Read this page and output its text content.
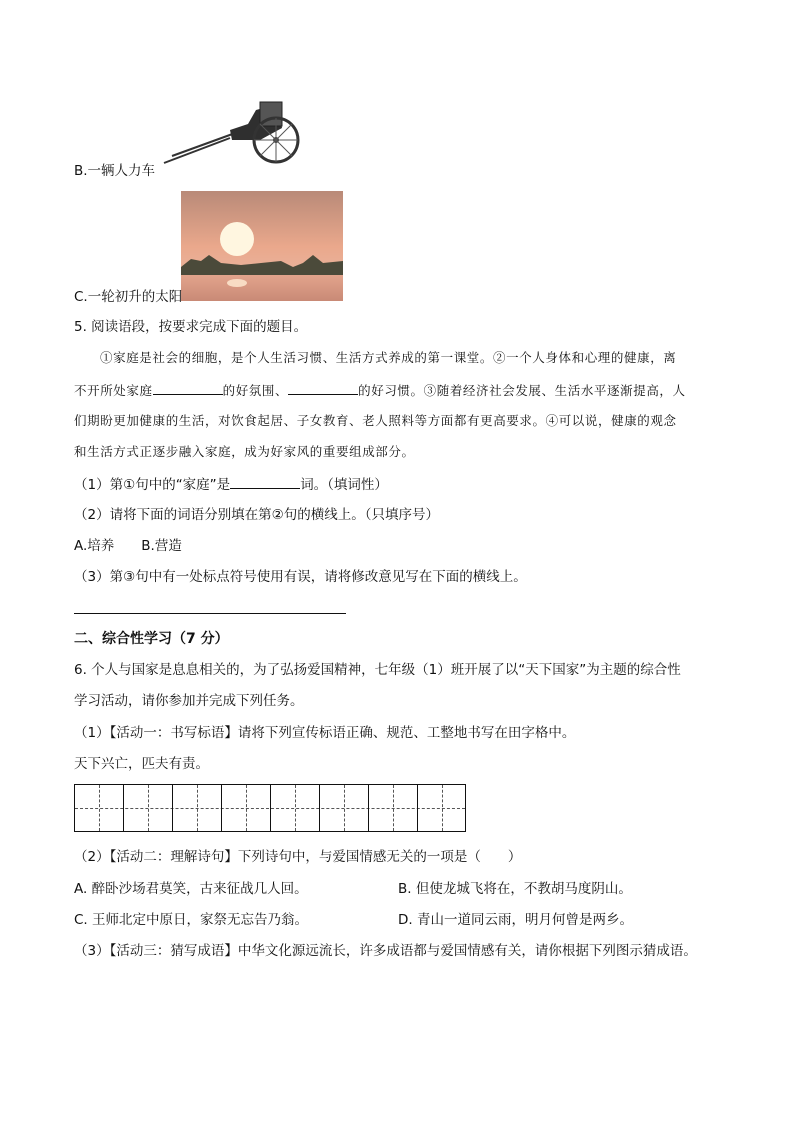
B.一辆人力车
C.一轮初升的太阳
5. 阅读语段，按要求完成下面的题目。
①家庭是社会的细胞，是个人生活习惯、生活方式养成的第一课堂。②一个人身体和心理的健康，离
不开所处家庭	的好氛围、	的好习惯。③随着经济社会发展、生活水平逐渐提高，人
们期盼更加健康的生活，对饮食起居、子女教育、老人照料等方面都有更高要求。④可以说，健康的观念
和生活方式正逐步融入家庭，成为好家风的重要组成部分。
（1）第①句中的“家庭”是	词。（填词性）
（2）请将下面的词语分别填在第②句的横线上。（只填序号）
A.培养　　B.营造
（3）第③句中有一处标点符号使用有误，请将修改意见写在下面的横线上。
二、综合性学习（7 分）
6. 个人与国家是息息相关的，为了弘扬爱国精神，七年级（1）班开展了以“天下国家”为主题的综合性
学习活动，请你参加并完成下列任务。
（1）【活动一：书写标语】请将下列宣传标语正确、规范、工整地书写在田字格中。
天下兴亡，匹夫有责。
（2）【活动二：理解诗句】下列诗句中，与爱国情感无关的一项是（　　）
A. 醉卧沙场君莫笑，古来征战几人回。	B. 但使龙城飞将在，不教胡马度阴山。
C. 王师北定中原日，家祭无忘告乃翁。	D. 青山一道同云雨，明月何曾是两乡。
（3）【活动三：猜写成语】中华文化源远流长，许多成语都与爱国情感有关，请你根据下列图示猜成语。
